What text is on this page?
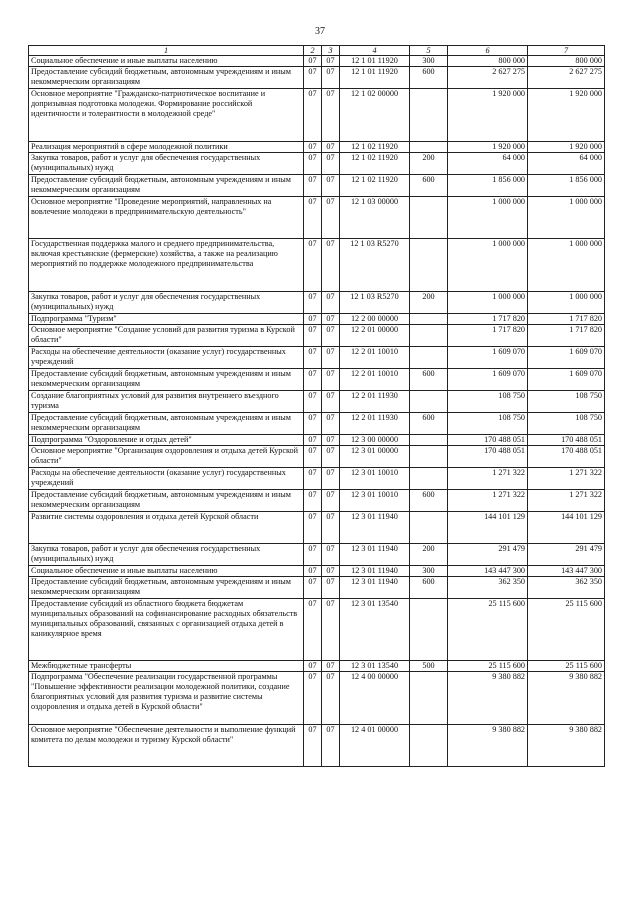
37
1	2	3	4	5	6	7
Социальное обеспечение и иные выплаты населению	07	07	12 1 01 11920	300	800 000	800 000
Предоставление субсидий бюджетным, автономным учреждениям и иным некоммерческим организациям	07	07	12 1 01 11920	600	2 627 275	2 627 275
Основное мероприятие "Гражданско-патриотическое воспитание и допризывная подготовка молодежи. Формирование российской идентичности и толерантности в молодежной среде"	07	07	12 1 02 00000		1 920 000	1 920 000
Реализация мероприятий в сфере молодежной политики	07	07	12 1 02 11920		1 920 000	1 920 000
Закупка товаров, работ и услуг для обеспечения государственных (муниципальных) нужд	07	07	12 1 02 11920	200	64 000	64 000
Предоставление субсидий бюджетным, автономным учреждениям и иным некоммерческим организациям	07	07	12 1 02 11920	600	1 856 000	1 856 000
Основное мероприятие "Проведение мероприятий, направленных на вовлечение молодежи в предпринимательскую деятельность"	07	07	12 1 03 00000		1 000 000	1 000 000
Государственная поддержка малого и среднего предпринимательства, включая крестьянские (фермерские) хозяйства, а также на реализацию мероприятий по поддержке молодежного предпринимательства	07	07	12 1 03 R5270		1 000 000	1 000 000
Закупка товаров, работ и услуг для обеспечения государственных (муниципальных) нужд	07	07	12 1 03 R5270	200	1 000 000	1 000 000
Подпрограмма "Туризм"	07	07	12 2 00 00000		1 717 820	1 717 820
Основное мероприятие "Создание условий для развития туризма в Курской области"	07	07	12 2 01 00000		1 717 820	1 717 820
Расходы на обеспечение деятельности (оказание услуг) государственных учреждений	07	07	12 2 01 10010		1 609 070	1 609 070
Предоставление субсидий бюджетным, автономным учреждениям и иным некоммерческим организациям	07	07	12 2 01 10010	600	1 609 070	1 609 070
Создание благоприятных условий для развития внутреннего въездного туризма	07	07	12 2 01 11930		108 750	108 750
Предоставление субсидий бюджетным, автономным учреждениям и иным некоммерческим организациям	07	07	12 2 01 11930	600	108 750	108 750
Подпрограмма "Оздоровление и отдых детей"	07	07	12 3 00 00000		170 488 051	170 488 051
Основное мероприятие "Организация оздоровления и отдыха детей Курской области"	07	07	12 3 01 00000		170 488 051	170 488 051
Расходы на обеспечение деятельности (оказание услуг) государственных учреждений	07	07	12 3 01 10010		1 271 322	1 271 322
Предоставление субсидий бюджетным, автономным учреждениям и иным некоммерческим организациям	07	07	12 3 01 10010	600	1 271 322	1 271 322
Развитие системы оздоровления и отдыха детей Курской области	07	07	12 3 01 11940		144 101 129	144 101 129
Закупка товаров, работ и услуг для обеспечения государственных (муниципальных) нужд	07	07	12 3 01 11940	200	291 479	291 479
Социальное обеспечение и иные выплаты населению	07	07	12 3 01 11940	300	143 447 300	143 447 300
Предоставление субсидий бюджетным, автономным учреждениям и иным некоммерческим организациям	07	07	12 3 01 11940	600	362 350	362 350
Предоставление субсидий из областного бюджета бюджетам муниципальных образований на софинансирование расходных обязательств муниципальных образований, связанных с организацией отдыха детей в каникулярное время	07	07	12 3 01 13540		25 115 600	25 115 600
Межбюджетные трансферты	07	07	12 3 01 13540	500	25 115 600	25 115 600
Подпрограмма "Обеспечение реализации государственной программы "Повышение эффективности реализации молодежной политики, создание благоприятных условий для развития туризма и развитие системы оздоровления и отдыха детей в Курской области"	07	07	12 4 00 00000		9 380 882	9 380 882
Основное мероприятие "Обеспечение деятельности и выполнение функций комитета по делам молодежи и туризму Курской области"	07	07	12 4 01 00000		9 380 882	9 380 882
